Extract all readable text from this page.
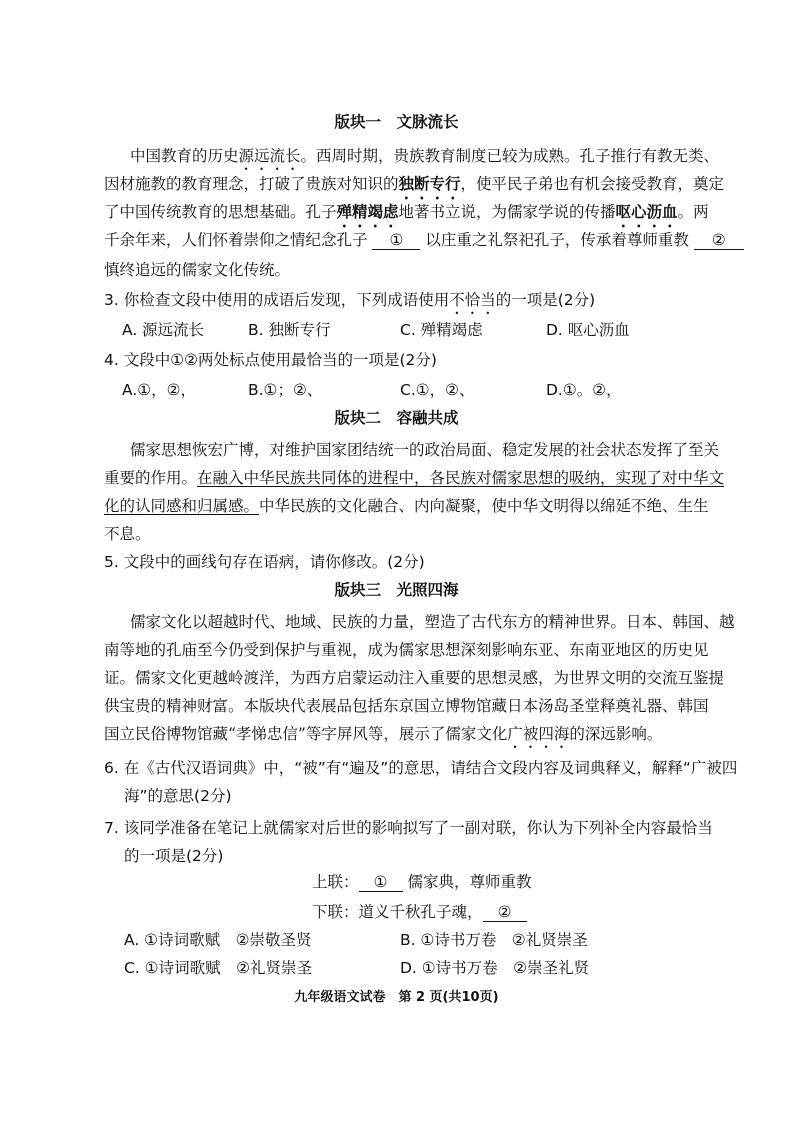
版块一　文脉流长
中国教育的历史源远流长。西周时期，贵族教育制度已较为成熟。孔子推行有教无类、
因材施教的教育理念，打破了贵族对知识的独断专行，使平民子弟也有机会接受教育，奠定
了中国传统教育的思想基础。孔子殚精竭虑地著书立说，为儒家学说的传播呕心沥血。两
千余年来，人们怀着崇仰之情纪念孔子 ① 以庄重之礼祭祀孔子，传承着尊师重教 ②
慎终追远的儒家文化传统。
3. 你检查文段中使用的成语后发现，下列成语使用不恰当的一项是(2分)
A. 源远流长	B. 独断专行	C. 殚精竭虑	D. 呕心沥血
4. 文段中①②两处标点使用最恰当的一项是(2分)
A.①，②，	B.①；②、	C.①，②、	D.①。②，
版块二　容融共成
儒家思想恢宏广博，对维护国家团结统一的政治局面、稳定发展的社会状态发挥了至关
重要的作用。在融入中华民族共同体的进程中，各民族对儒家思想的吸纳，实现了对中华文
化的认同感和归属感。中华民族的文化融合、内向凝聚，使中华文明得以绵延不绝、生生
不息。
5. 文段中的画线句存在语病，请你修改。(2分)
版块三　光照四海
儒家文化以超越时代、地域、民族的力量，塑造了古代东方的精神世界。日本、韩国、越
南等地的孔庙至今仍受到保护与重视，成为儒家思想深刻影响东亚、东南亚地区的历史见
证。儒家文化更越岭渡洋，为西方启蒙运动注入重要的思想灵感，为世界文明的交流互鉴提
供宝贵的精神财富。本版块代表展品包括东京国立博物馆藏日本汤岛圣堂释奠礼器、韩国
国立民俗博物馆藏“孝悌忠信”等字屏风等，展示了儒家文化广被四海的深远影响。
6. 在《古代汉语词典》中，“被”有“遍及”的意思，请结合文段内容及词典释义，解释“广被四
海”的意思(2分)
7. 该同学准备在笔记上就儒家对后世的影响拟写了一副对联，你认为下列补全内容最恰当
的一项是(2分)
上联： ① 儒家典，尊师重教
下联：道义千秋孔子魂， ②
A. ①诗词歌赋　②崇敬圣贤	B. ①诗书万卷　②礼贤崇圣
C. ①诗词歌赋　②礼贤崇圣	D. ①诗书万卷　②崇圣礼贤
九年级语文试卷　第 2 页(共10页)
